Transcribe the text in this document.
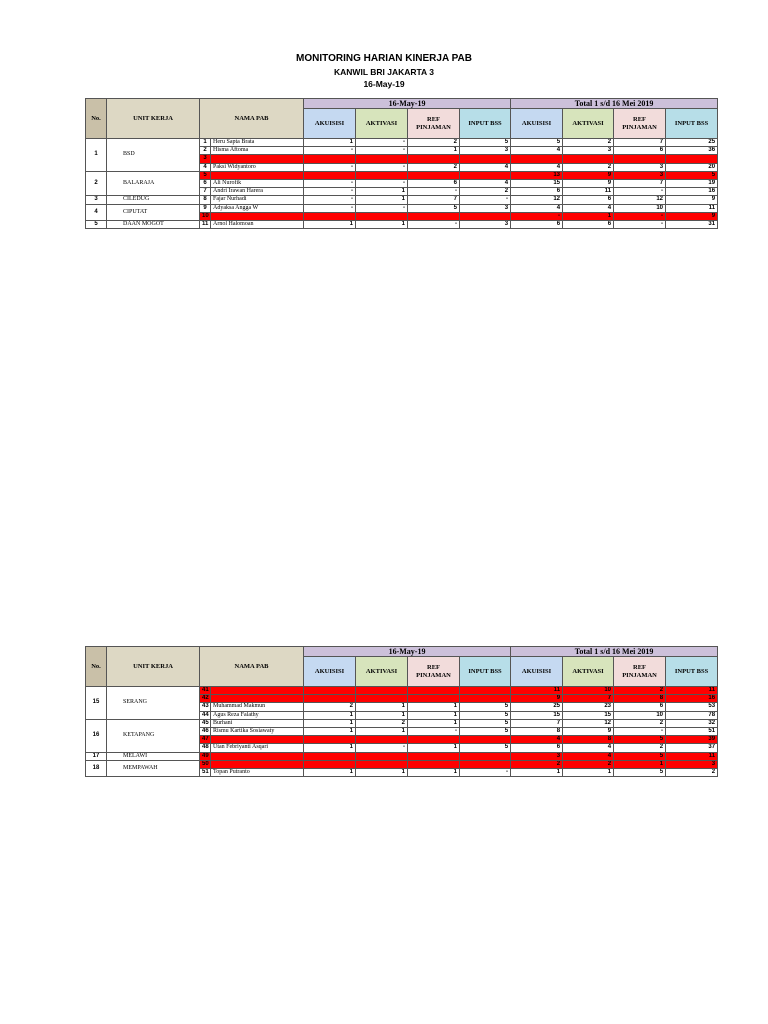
MONITORING HARIAN KINERJA PAB
KANWIL BRI JAKARTA 3
16-May-19
No.	UNIT KERJA	NAMA PAB		16-May-19				Total 1 s/d 16 Mei 2019			
				AKUISISI	AKTIVASI	REF PINJAMAN	INPUT BSS	AKUISISI	AKTIVASI	REF PINJAMAN	INPUT BSS
1	BSD	1	Heru Sapta Brata	1	-	2	5	5	2	7	25
		2	Hisma Aftoma	-	-	1	3	4	3	6	36
		3									
		4	Paksi Widyantoro	-	-	2	4	4	2	3	20
2	BALARAJA	5						13	9	3	5
		6	Ali Nurofik	-	-	6	4	15	9	7	19
		7	Andri Irawan Harera	-	1	-	2	6	11	-	16
3	CILEDUG	8	Fajar Nurhadi	-	1	7	-	12	6	12	9
4	CIPUTAT	9	Adyaksa Angga W	-	-	5	3	4	4	10	11
		10						-	1	-	9
5	DAAN MOGOT	11	Arnol Halomoan	1	1	-	3	6	6	-	31
No.	UNIT KERJA	NAMA PAB		16-May-19				Total 1 s/d 16 Mei 2019			
				AKUISISI	AKTIVASI	REF PINJAMAN	INPUT BSS	AKUISISI	AKTIVASI	REF PINJAMAN	INPUT BSS
15	SERANG	41						11	10	2	11
		42						9	7	8	16
		43	Muhammad Makmun	2	1	1	5	25	23	6	53
		44	Agus Reza Falathy	1	1	1	5	15	15	10	78
16	KETAPANG	45	Burhani	1	2	1	5	7	12	2	32
		46	Rismu Kartika Sosiawaty	1	1	-	5	8	9	-	51
		47						4	8	5	39
		48	Utan Febriyanti Asqari	1	-	1	5	6	4	2	37
17	MELAWI	49						3	4	5	11
18	MEMPAWAH	50						2	2	1	3
		51	Topan Putranto	1	1	1	-	1	1	5	2
